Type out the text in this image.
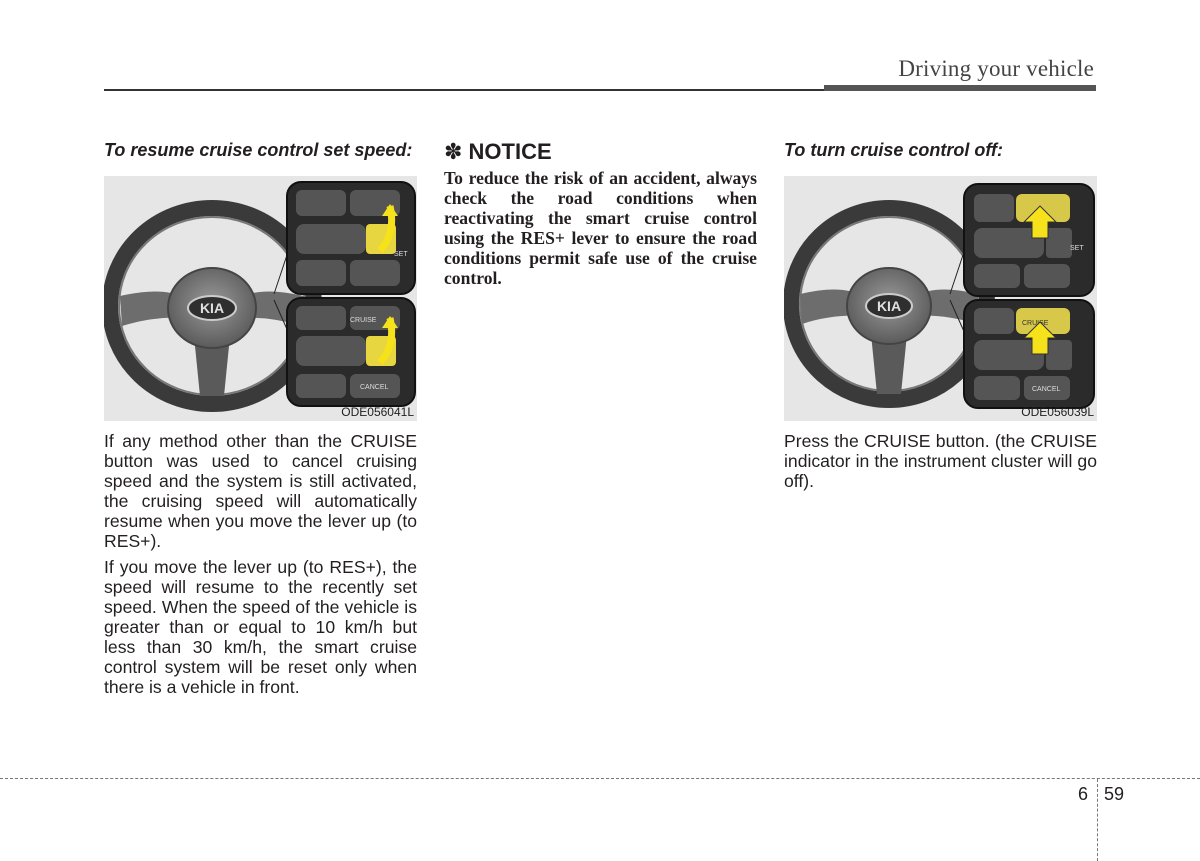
Driving your vehicle

To resume cruise control set speed:

KIA
SET
CRUISE
CANCEL
ODE056041L

If any method other than the CRUISE button was used to cancel cruising speed and the system is still activated, the cruising speed will automatically resume when you move the lever up (to RES+).

If you move the lever up (to RES+), the speed will resume to the recently set speed. When the speed of the vehicle is greater than or equal to 10 km/h but less than 30 km/h, the smart cruise control system will be reset only when there is a vehicle in front.

✽ NOTICE

To reduce the risk of an accident, always check the road conditions when reactivating the smart cruise control using the RES+ lever to ensure the road conditions permit safe use of the cruise control.

To turn cruise control off:

KIA
SET
CRUISE
CANCEL
ODE056039L

Press the CRUISE button. (the CRUISE indicator in the instrument cluster will go off).

6 59
